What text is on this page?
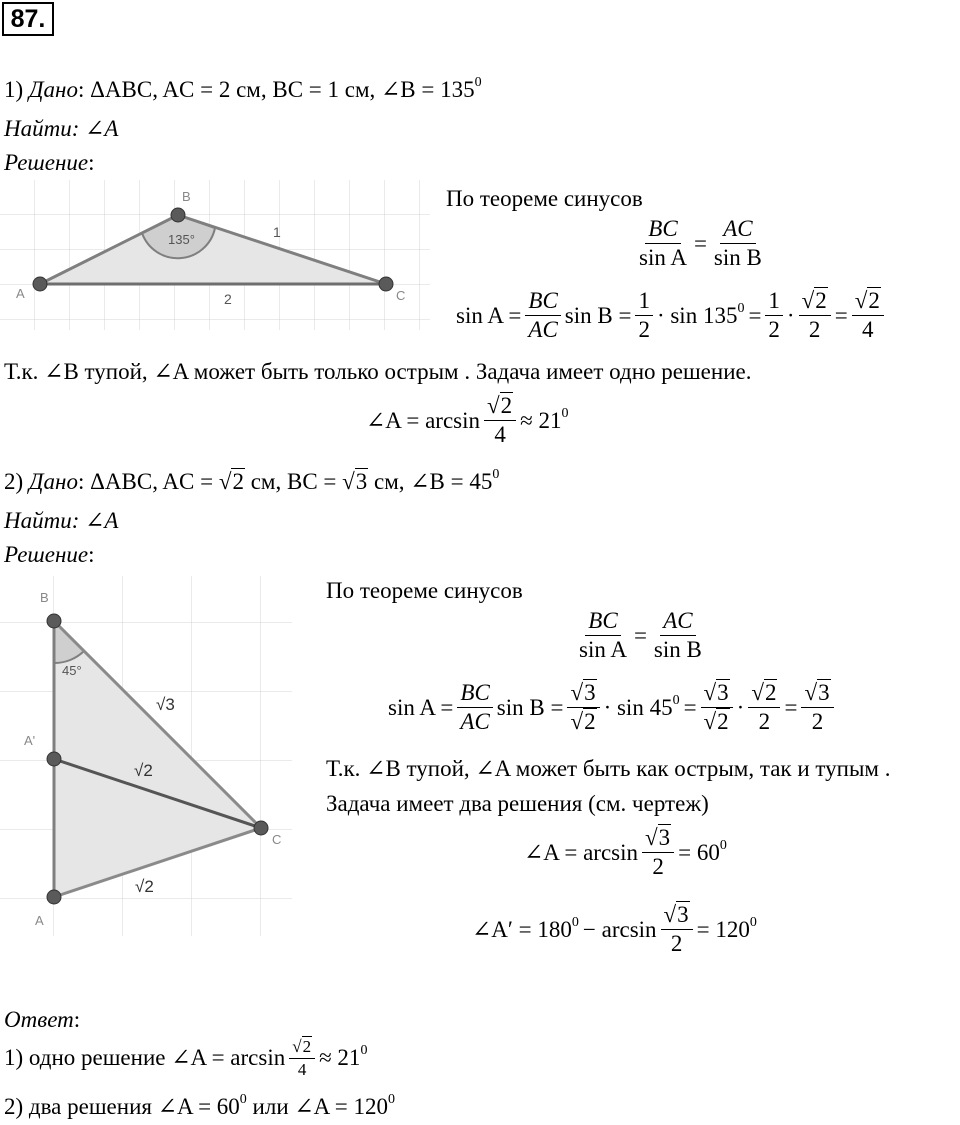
87.
1) Дано: ΔABC, AC = 2 см, BC = 1 см, ∠B = $135^0$
Найти: ∠A
Решение:
A
B
C
135°	1
2
По теореме синусов
$\frac{BC}{\text{sin A}} = \frac{AC}{\text{sin B}}$
$\sin A = \frac{BC}{AC}$ $\sin B = \frac{1}{2} \cdot \sin 135^0 = \frac{1}{2} \cdot \frac{√2}{2} = \frac{√2}{4}$
Т.к. ∠B тупой, ∠A может быть только острым . Задача имеет одно решение.
∠A = $\arcsin \frac{√2}{4} \approx 21^0$
2) Дано: ΔABC, AC = √2 см, BC = √3 см, ∠B = $45^0$
Найти: ∠A
Решение:
B
A'
A
C
45°
√3
√2
√2
По теореме синусов
$\frac{BC}{\text{sin A}} = \frac{AC}{\text{sin B}}$
$\sin A = \frac{BC}{AC}$ $\sin B = \frac{√3}{√2} \cdot \sin 45^0 = \frac{√3}{√2} \cdot \frac{√2}{2} = \frac{√3}{2}$
Т.к. ∠B тупой, ∠A может быть как острым, так и тупым .
Задача имеет два решения (см. чертеж)
∠A = $\arcsin \frac{√3}{2} = 60^0$
∠A′ = $180^0 - \arcsin \frac{√3}{2} = 120^0$
Ответ:
1) одно решение ∠A = $\arcsin \frac{√2}{4} \approx 21^0$
2) два решения ∠A = $60^0$ или ∠A = $120^0$
